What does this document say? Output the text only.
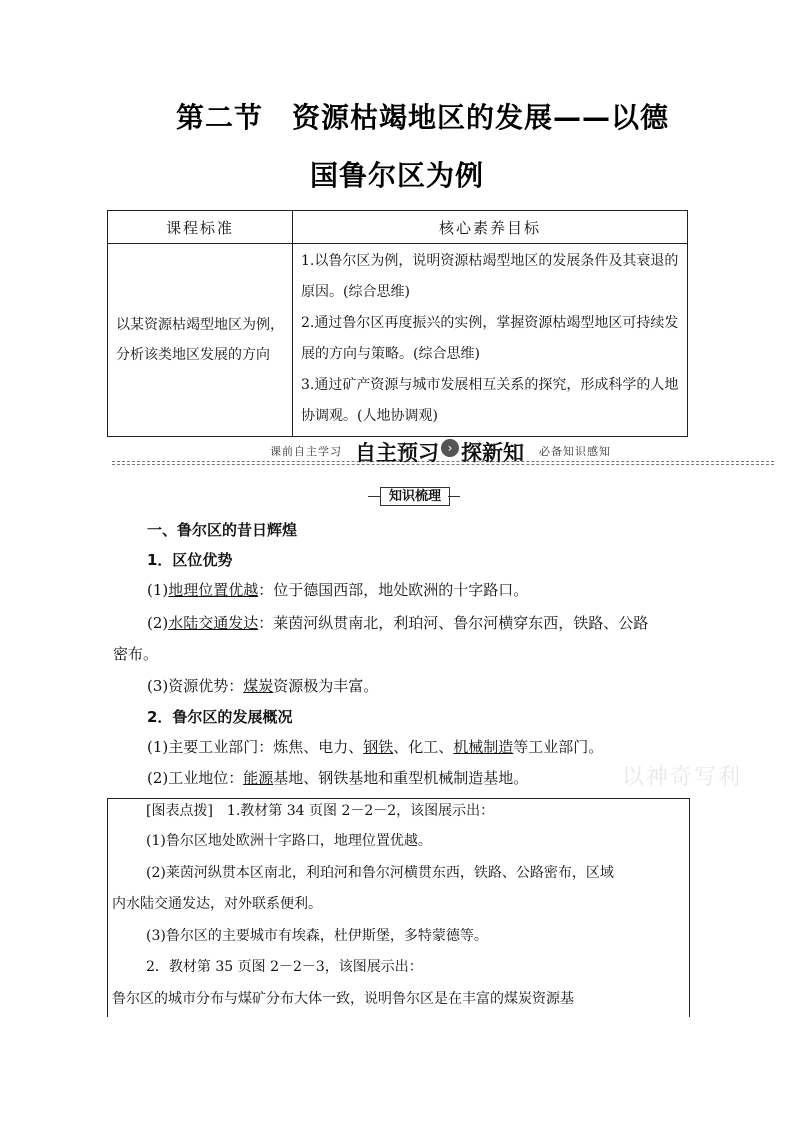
第二节　资源枯竭地区的发展——以德
国鲁尔区为例
课程标准	核心素养目标
以某资源枯竭型地区为例，分析该类地区发展的方向	1.以鲁尔区为例，说明资源枯竭型地区的发展条件及其衰退的原因。(综合思维)
2.通过鲁尔区再度振兴的实例，掌握资源枯竭型地区可持续发展的方向与策略。(综合思维)
3.通过矿产资源与城市发展相互关系的探究，形成科学的人地协调观。(人地协调观)
课前自主学习 自主预习 › 探新知 必备知识感知
知识梳理
一、鲁尔区的昔日辉煌
1．区位优势
(1)地理位置优越：位于德国西部，地处欧洲的十字路口。
(2)水陆交通发达：莱茵河纵贯南北，利珀河、鲁尔河横穿东西，铁路、公路
密布。
(3)资源优势：煤炭资源极为丰富。
2．鲁尔区的发展概况
(1)主要工业部门：炼焦、电力、钢铁、化工、机械制造等工业部门。
(2)工业地位：能源基地、钢铁基地和重型机械制造基地。	以神奇写利
[图表点拨]　1.教材第 34 页图 2－2－2，该图展示出：
(1)鲁尔区地处欧洲十字路口，地理位置优越。
(2)莱茵河纵贯本区南北，利珀河和鲁尔河横贯东西，铁路、公路密布，区域
内水陆交通发达，对外联系便利。
(3)鲁尔区的主要城市有埃森，杜伊斯堡，多特蒙德等。
2．教材第 35 页图 2－2－3，该图展示出：
鲁尔区的城市分布与煤矿分布大体一致，说明鲁尔区是在丰富的煤炭资源基
